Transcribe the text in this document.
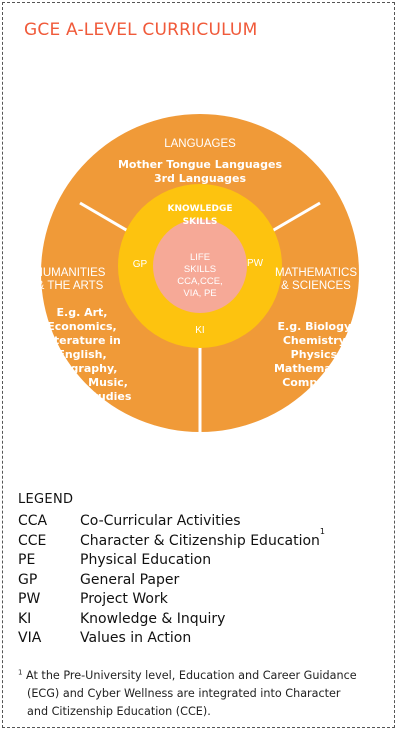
GCE A-LEVEL CURRICULUM
LANGUAGES
Mother Tongue Languages
3rd Languages
HUMANITIES
& THE ARTS
E.g. Art,
Economics,
Literature in
English,
Geography,
History, Music,
Theatre Studies
& Drama
MATHEMATICS
& SCIENCES
E.g. Biology,
Chemistry,
Physics,
Mathematics,
Computing
KNOWLEDGE
SKILLS
GP	PW
KI
LIFE
SKILLS
CCA,CCE,
VIA, PE
LEGEND
CCA	Co-Curricular Activities
CCE	Character & Citizenship Education
1
PE	Physical Education
GP	General Paper
PW	Project Work
KI	Knowledge & Inquiry
VIA	Values in Action

$^1$ At the Pre-University level, Education and Career Guidance
(ECG) and Cyber Wellness are integrated into Character
and Citizenship Education (CCE).
